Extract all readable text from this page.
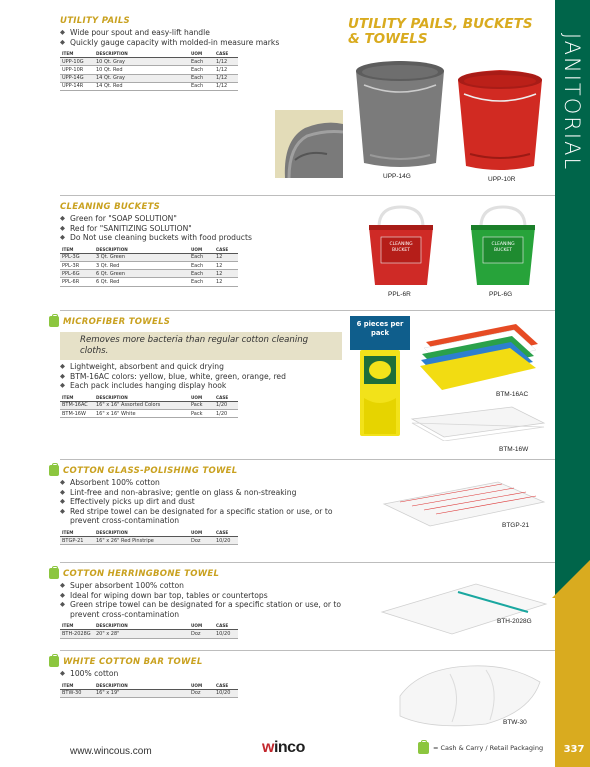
JANITORIAL
337
UTILITY PAILS, BUCKETS & TOWELS
UTILITY PAILS
◆ Wide pour spout and easy-lift handle
◆ Quickly gauge capacity with molded-in measure marks
ITEM	DESCRIPTION	UOM	CASE
UPP-10G	10 Qt. Gray	Each	1/12
UPP-10R	10 Qt. Red	Each	1/12
UPP-14G	14 Qt. Gray	Each	1/12
UPP-14R	14 Qt. Red	Each	1/12
UPP-14G	UPP-10R
CLEANING BUCKETS
◆ Green for "SOAP SOLUTION"
◆ Red for "SANITIZING SOLUTION"
◆ Do Not use cleaning buckets with food products
ITEM	DESCRIPTION	UOM	CASE
PPL-3G	3 Qt. Green	Each	12
PPL-3R	3 Qt. Red	Each	12
PPL-6G	6 Qt. Green	Each	12
PPL-6R	6 Qt. Red	Each	12
CLEANING
BUCKET
PPL-6R
CLEANING
BUCKET
PPL-6G
MICROFIBER TOWELS
Removes more bacteria than regular cotton cleaning cloths.
◆ Lightweight, absorbent and quick drying
◆ BTM-16AC colors: yellow, blue, white, green, orange, red
◆ Each pack includes hanging display hook
ITEM	DESCRIPTION	UOM	CASE
BTM-16AC	16" x 16" Assorted Colors	Pack	1/20
BTM-16W	16" x 16" White	Pack	1/20
6 pieces per pack
BTM-16AC
BTM-16W
COTTON GLASS-POLISHING TOWEL
◆ Absorbent 100% cotton
◆ Lint-free and non-abrasive; gentle on glass & non-streaking
◆ Effectively picks up dirt and dust
◆ Red stripe towel can be designated for a specific station or use, or to prevent cross-contamination
ITEM	DESCRIPTION	UOM	CASE
BTGP-21	16" x 26" Red Pinstripe	Doz	10/20
BTGP-21
COTTON HERRINGBONE TOWEL
◆ Super absorbent 100% cotton
◆ Ideal for wiping down bar top, tables or countertops
◆ Green stripe towel can be designated for a specific station or use, or to prevent cross-contamination
ITEM	DESCRIPTION	UOM	CASE
BTH-2028G	20" x 28"	Doz	10/20
BTH-2028G
WHITE COTTON BAR TOWEL
◆ 100% cotton
ITEM	DESCRIPTION	UOM	CASE
BTW-30	16" x 19"	Doz	10/20
BTW-30
www.wincous.com	winco	= Cash & Carry / Retail Packaging
